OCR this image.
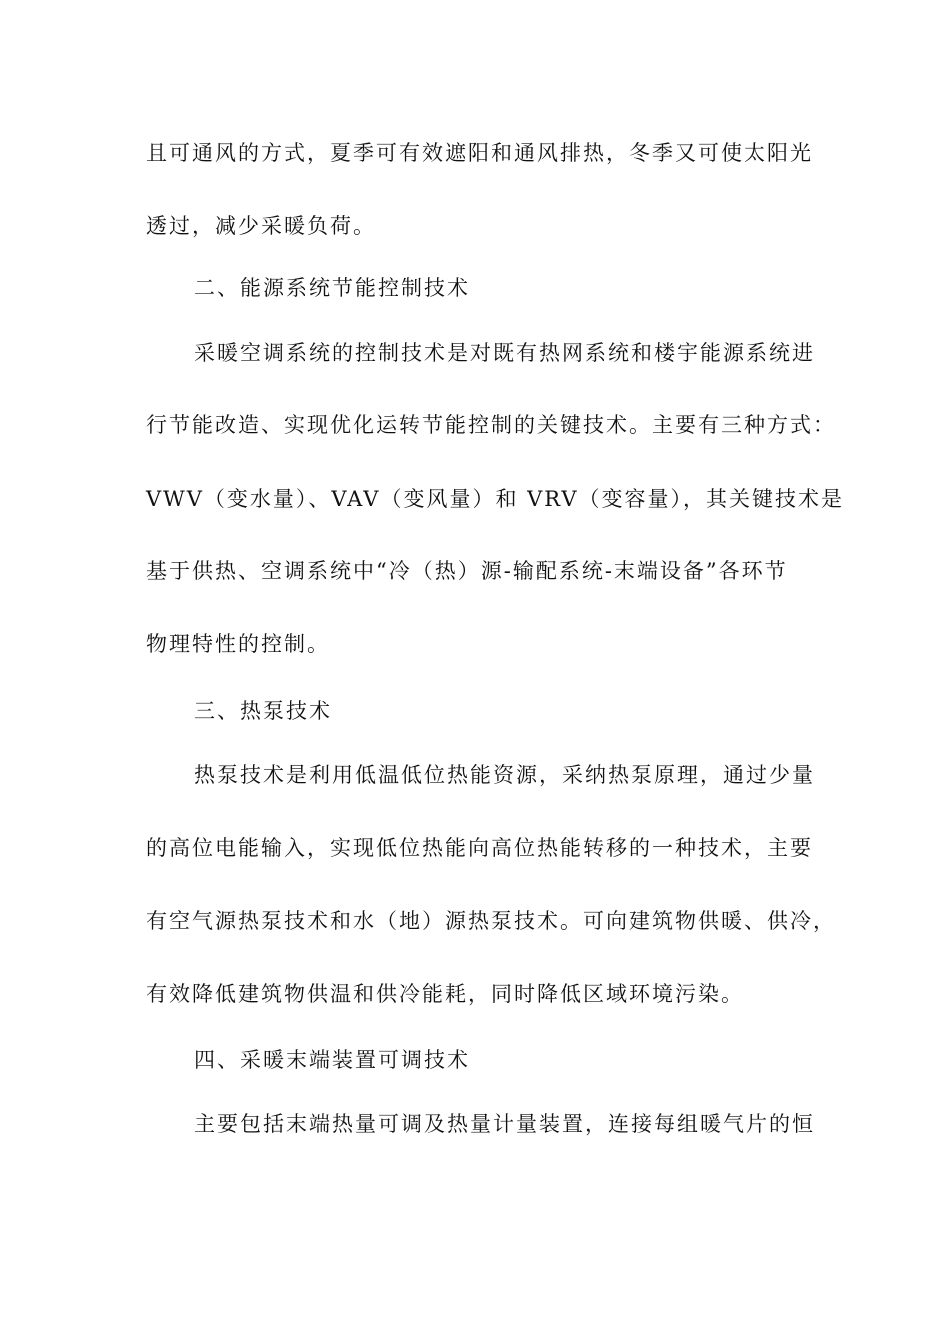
且可通风的方式，夏季可有效遮阳和通风排热，冬季又可使太阳光
透过，减少采暖负荷。
二、能源系统节能控制技术
采暖空调系统的控制技术是对既有热网系统和楼宇能源系统进
行节能改造、实现优化运转节能控制的关键技术。主要有三种方式：
VWV（变水量）、VAV（变风量）和 VRV（变容量），其关键技术是
基于供热、空调系统中“冷（热）源-输配系统-末端设备”各环节
物理特性的控制。
三、热泵技术
热泵技术是利用低温低位热能资源，采纳热泵原理，通过少量
的高位电能输入，实现低位热能向高位热能转移的一种技术，主要
有空气源热泵技术和水（地）源热泵技术。可向建筑物供暖、供冷，
有效降低建筑物供温和供冷能耗，同时降低区域环境污染。
四、采暖末端装置可调技术
主要包括末端热量可调及热量计量装置，连接每组暖气片的恒
